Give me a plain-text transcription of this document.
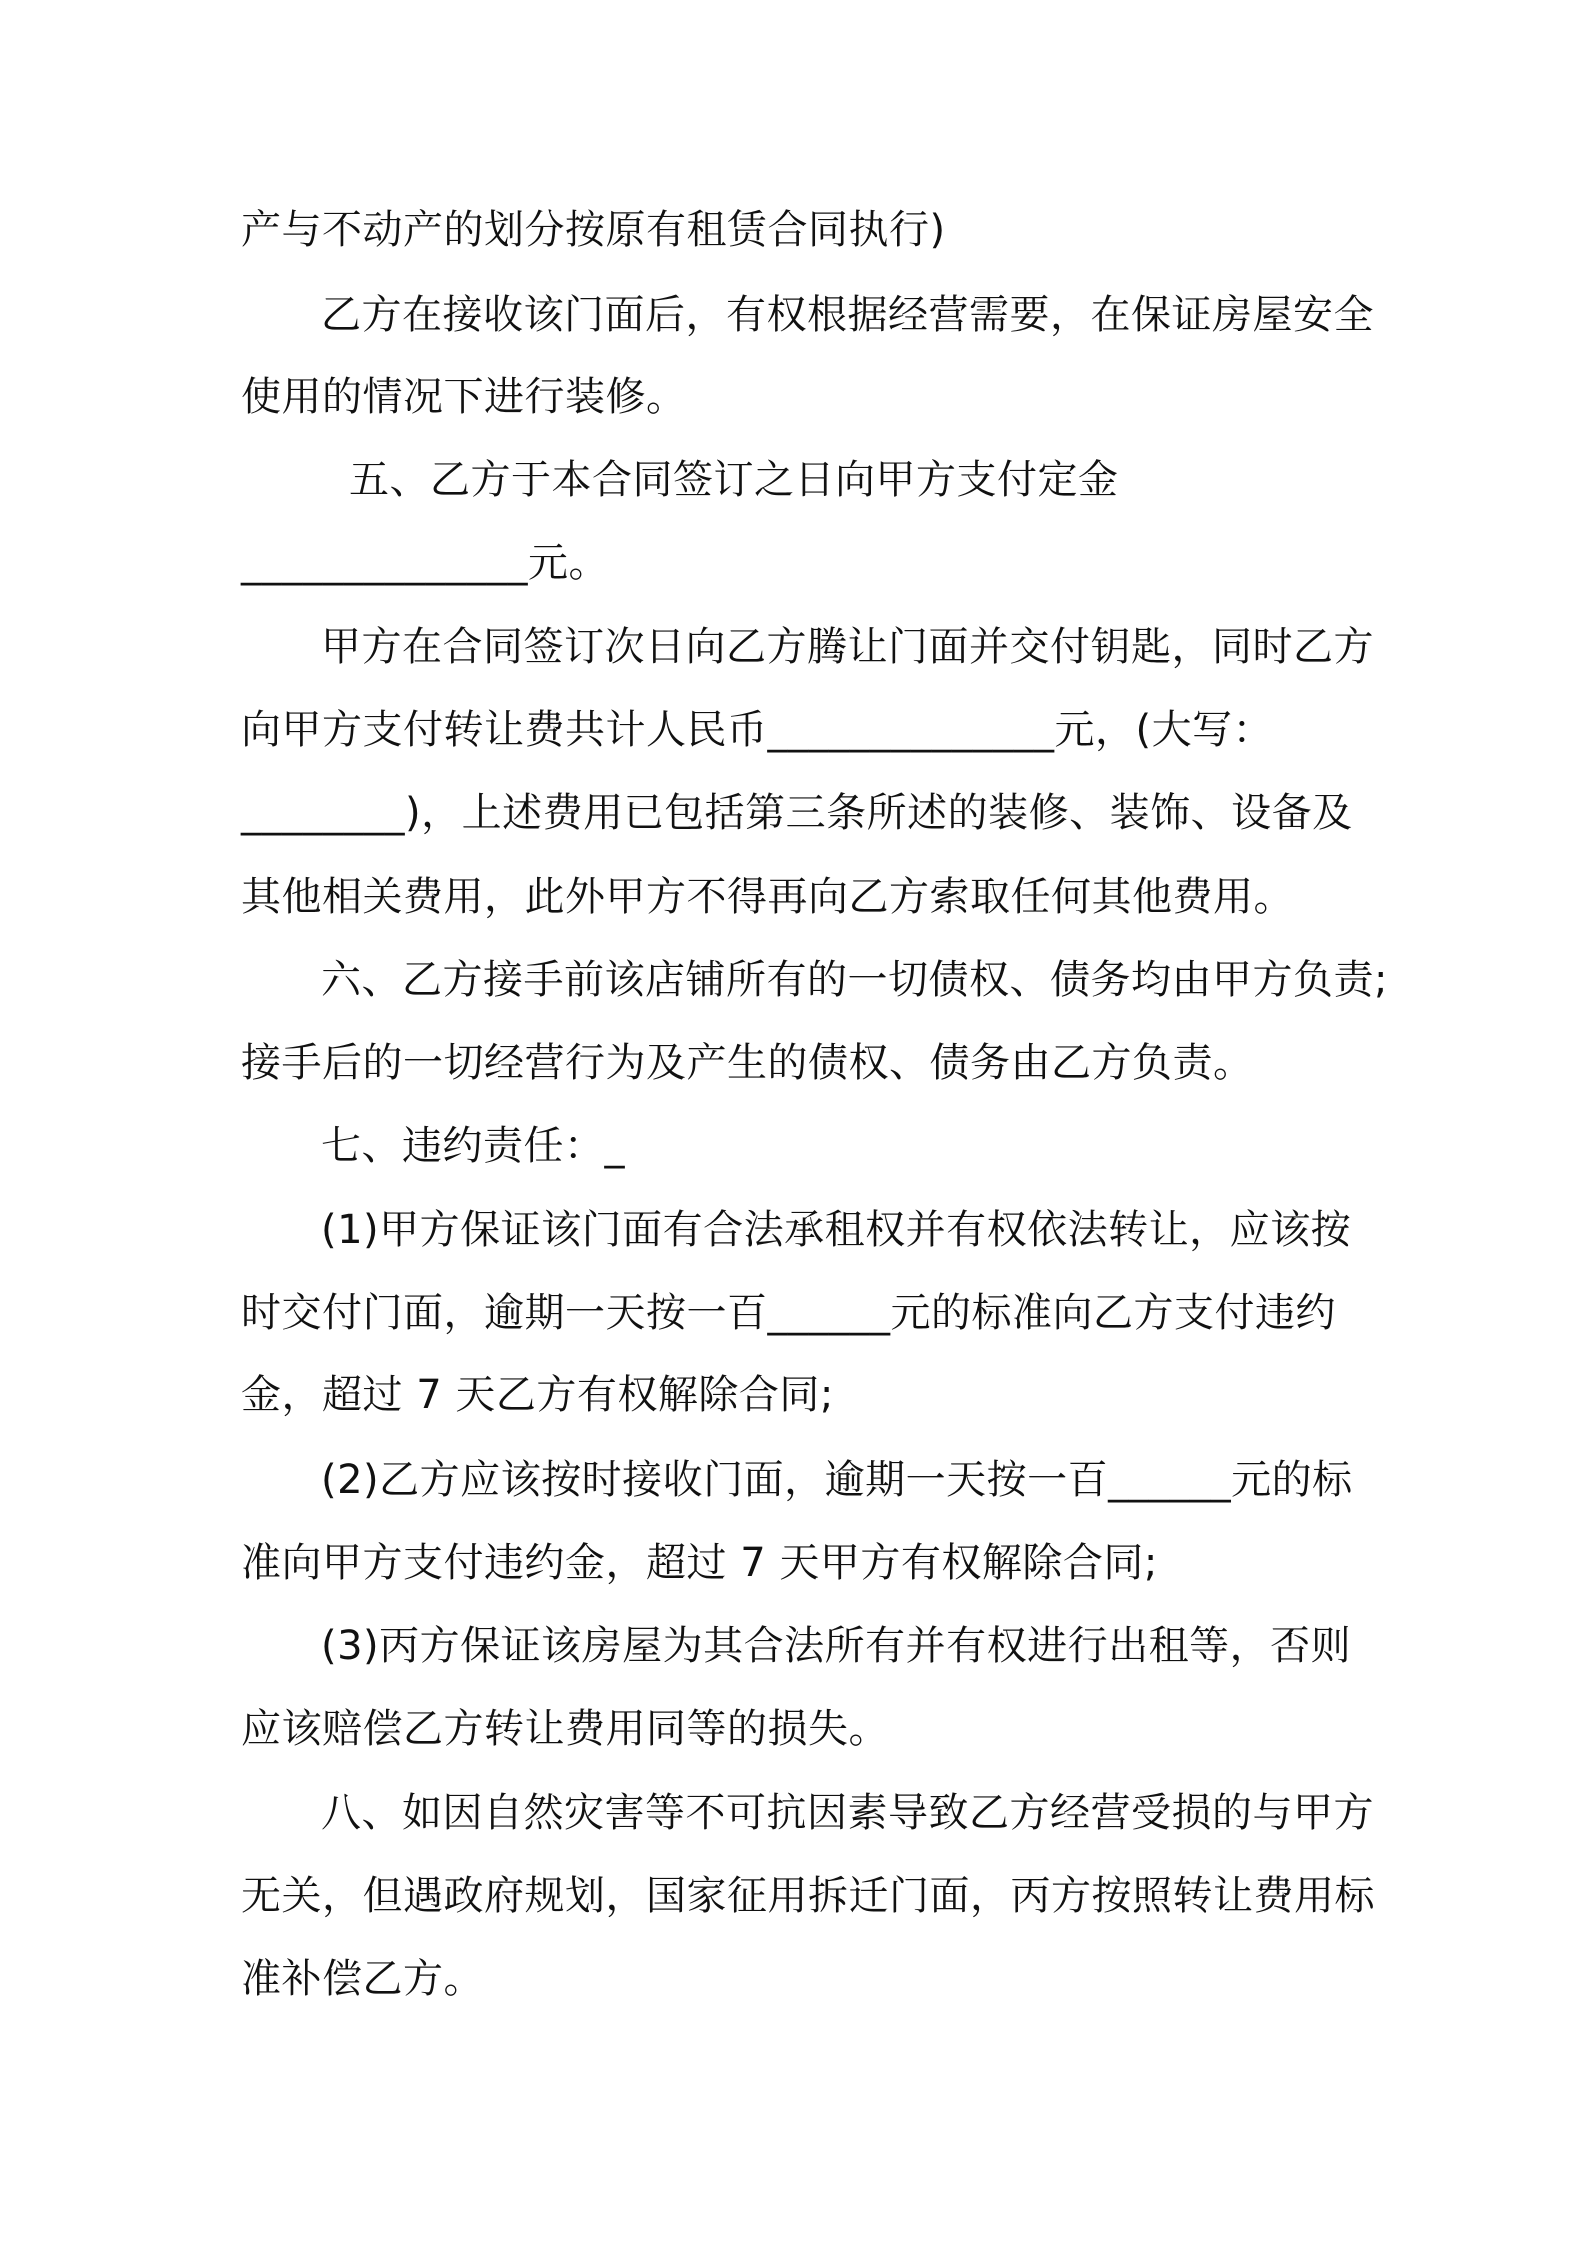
产与不动产的划分按原有租赁合同执行)
乙方在接收该门面后，有权根据经营需要，在保证房屋安全
使用的情况下进行装修。
五、乙方于本合同签订之日向甲方支付定金
______________元。
甲方在合同签订次日向乙方腾让门面并交付钥匙，同时乙方
向甲方支付转让费共计人民币______________元，(大写：
________)，上述费用已包括第三条所述的装修、装饰、设备及
其他相关费用，此外甲方不得再向乙方索取任何其他费用。
六、乙方接手前该店铺所有的一切债权、债务均由甲方负责;
接手后的一切经营行为及产生的债权、债务由乙方负责。
七、违约责任：_
(1)甲方保证该门面有合法承租权并有权依法转让，应该按
时交付门面，逾期一天按一百______元的标准向乙方支付违约
金，超过 7 天乙方有权解除合同;
(2)乙方应该按时接收门面，逾期一天按一百______元的标
准向甲方支付违约金，超过 7 天甲方有权解除合同;
(3)丙方保证该房屋为其合法所有并有权进行出租等，否则
应该赔偿乙方转让费用同等的损失。
八、如因自然灾害等不可抗因素导致乙方经营受损的与甲方
无关，但遇政府规划，国家征用拆迁门面，丙方按照转让费用标
准补偿乙方。
